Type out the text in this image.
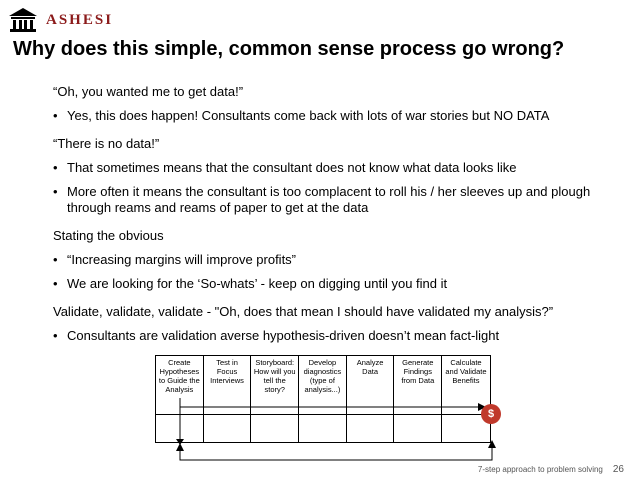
ASHESI
Why does this simple, common sense process go wrong?

“Oh, you wanted me to get data!”

• Yes, this does happen! Consultants come back with lots of war stories but NO DATA

“There is no data!”

• That sometimes means that the consultant does not know what data looks like

• More often it means the consultant is too complacent to roll his / her sleeves up and plough through reams and reams of paper to get at the data

Stating the obvious

• “Increasing margins will improve profits”

• We are looking for the ‘So-whats’ - keep on digging until you find it

Validate, validate, validate - "Oh, does that mean I should have validated my analysis?”

• Consultants are validation averse hypothesis-driven doesn’t mean fact-light

Create Hypotheses to Guide the Analysis
Test in Focus Interviews
Storyboard: How will you tell the story?
Develop diagnostics (type of analysis...)
Analyze Data
Generate Findings from Data
Calculate and Validate Benefits
$
7-step approach to problem solving 26
